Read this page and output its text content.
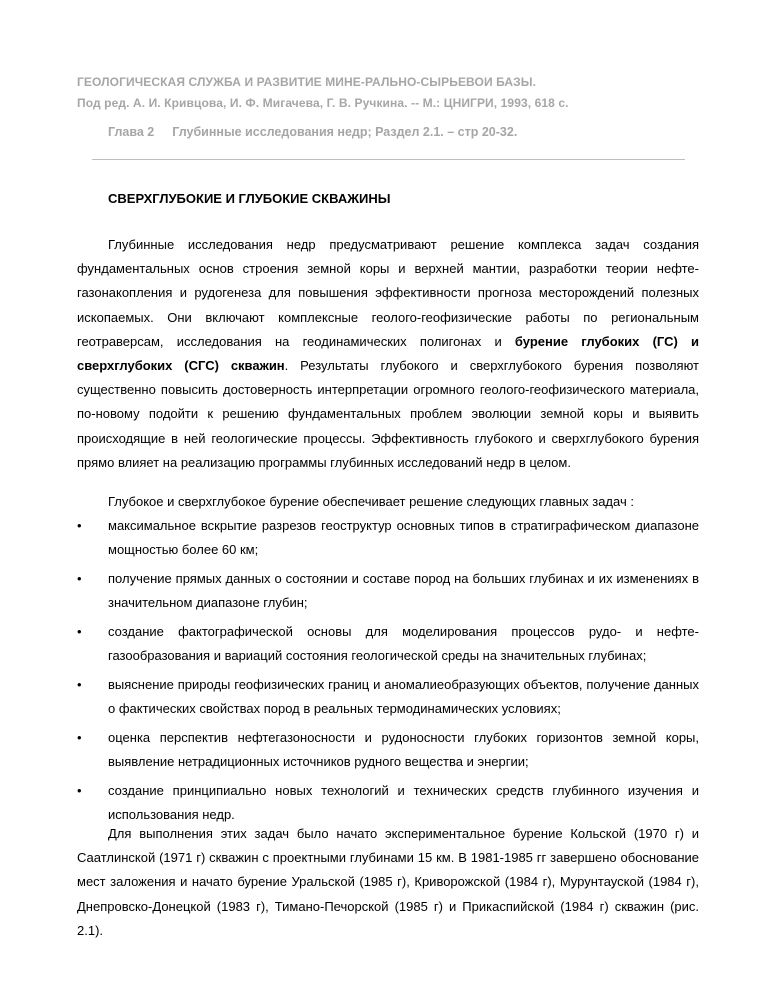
ГЕОЛОГИЧЕСКАЯ СЛУЖБА И РАЗВИТИЕ МИНЕ-РАЛЬНО-СЫРЬЕВОИ БАЗЫ.
Под ред. А. И. Кривцова, И. Ф. Мигачева, Г. В. Ручкина. -- М.: ЦНИГРИ, 1993, 618 с.
Глава 2 Глубинные исследования недр; Раздел 2.1. – стр 20-32.
СВЕРХГЛУБОКИЕ И ГЛУБОКИЕ СКВАЖИНЫ

Глубинные исследования недр предусматривают решение комплекса задач создания фундаментальных основ строения земной коры и верхней мантии, разработки теории нефте-газонакопления и рудогенеза для повышения эффективности прогноза месторождений полезных ископаемых. Они включают комплексные геолого-геофизические работы по региональным геотраверсам, исследования на геодинамических полигонах и бурение глубоких (ГС) и сверхглубоких (СГС) скважин. Результаты глубокого и сверхглубокого бурения позволяют существенно повысить достоверность интерпретации огромного геолого-геофизического материала, по-новому подойти к решению фундаментальных проблем эволюции земной коры и выявить происходящие в ней геологические процессы. Эффективность глубокого и сверхглубокого бурения прямо влияет на реализацию программы глубинных исследований недр в целом.

Глубокое и сверхглубокое бурение обеспечивает решение следующих главных задач :

• максимальное вскрытие разрезов геоструктур основных типов в стратиграфическом диапазоне мощностью более 60 км;
• получение прямых данных о состоянии и составе пород на больших глубинах и их изменениях в значительном диапазоне глубин;
• создание фактографической основы для моделирования процессов рудо- и нефте-газообразования и вариаций состояния геологической среды на значительных глубинах;
• выяснение природы геофизических границ и аномалиеобразующих объектов, получение данных о фактических свойствах пород в реальных термодинамических условиях;
• оценка перспектив нефтегазоносности и рудоносности глубоких горизонтов земной коры, выявление нетрадиционных источников рудного вещества и энергии;
• создание принципиально новых технологий и технических средств глубинного изучения и использования недр.

Для выполнения этих задач было начато экспериментальное бурение Кольской (1970 г) и Саатлинской (1971 г) скважин с проектными глубинами 15 км. В 1981-1985 гг завершено обоснование мест заложения и начато бурение Уральской (1985 г), Криворожской (1984 г), Мурунтауской (1984 г), Днепровско-Донецкой (1983 г), Тимано-Печорской (1985 г) и Прикаспийской (1984 г) скважин (рис. 2.1).
